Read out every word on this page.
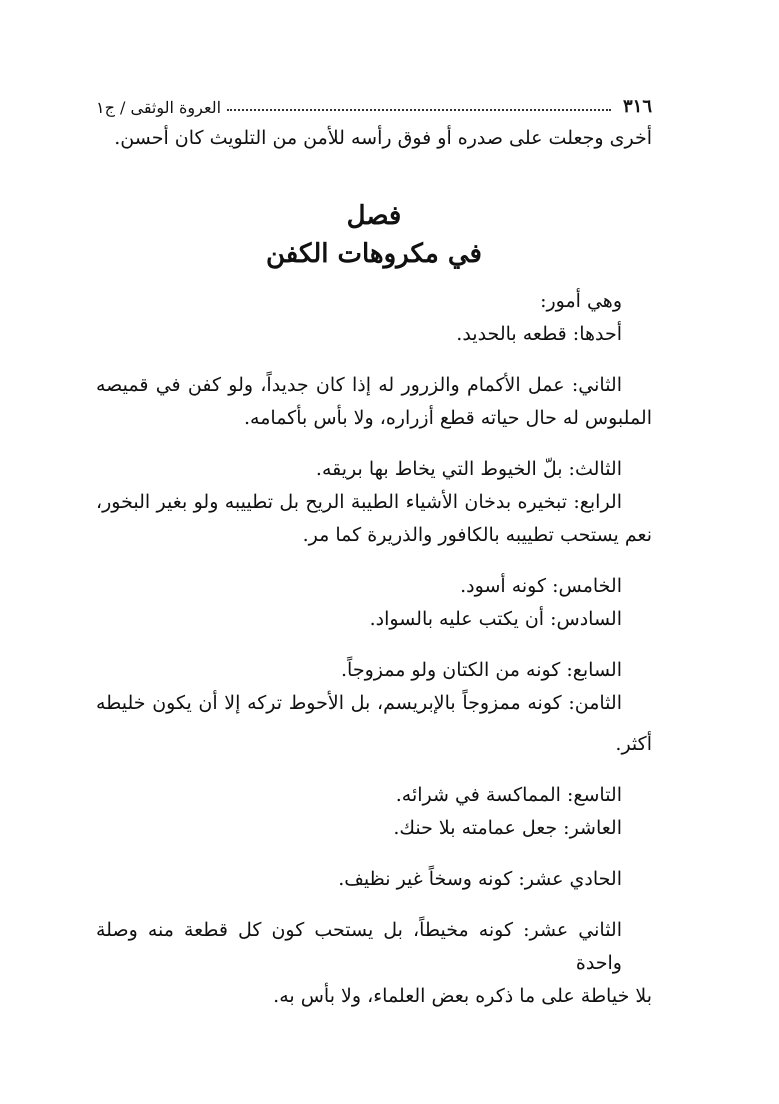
٣١٦
العروة الوثقى / ج١

أخرى وجعلت على صدره أو فوق رأسه للأمن من التلويث كان أحسن.

فصل

في مكروهات الكفن

وهي أمور:

أحدها: قطعه بالحديد.

الثاني: عمل الأكمام والزرور له إذا كان جديداً، ولو كفن في قميصه

الملبوس له حال حياته قطع أزراره، ولا بأس بأكمامه.

الثالث: بلّ الخيوط التي يخاط بها بريقه.

الرابع: تبخيره بدخان الأشياء الطيبة الريح بل تطييبه ولو بغير البخور،

نعم يستحب تطييبه بالكافور والذريرة كما مر.

الخامس: كونه أسود.

السادس: أن يكتب عليه بالسواد.

السابع: كونه من الكتان ولو ممزوجاً.

الثامن: كونه ممزوجاً بالإبريسم، بل الأحوط تركه إلا أن يكون خليطه

أكثر.

التاسع: المماكسة في شرائه.

العاشر: جعل عمامته بلا حنك.

الحادي عشر: كونه وسخاً غير نظيف.

الثاني عشر: كونه مخيطاً، بل يستحب كون كل قطعة منه وصلة واحدة

بلا خياطة على ما ذكره بعض العلماء، ولا بأس به.
